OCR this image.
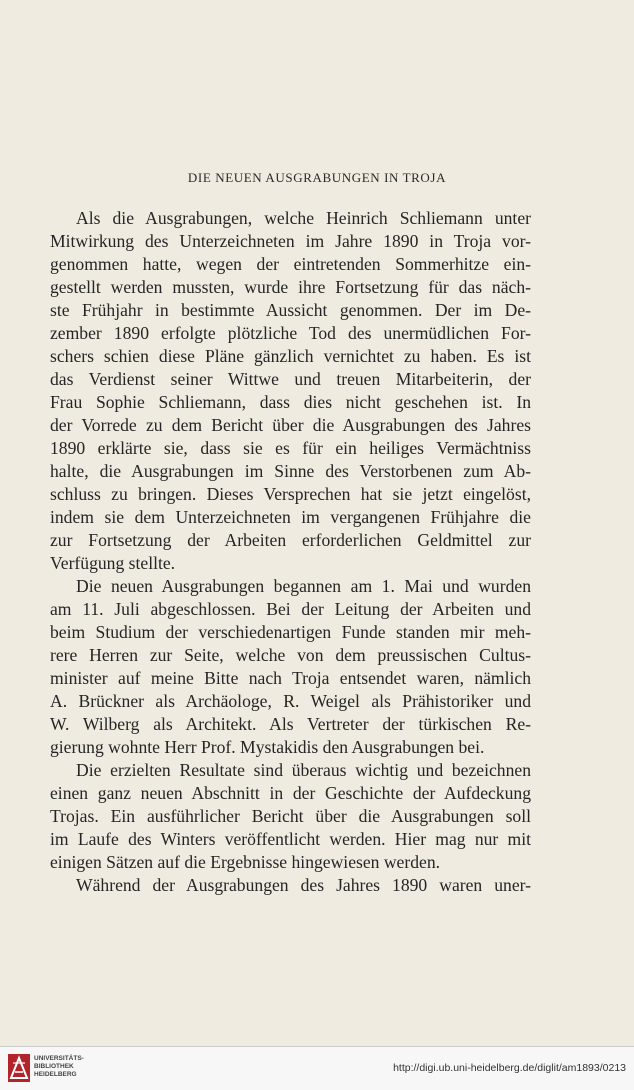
DIE NEUEN AUSGRABUNGEN IN TROJA
Als die Ausgrabungen, welche Heinrich Schliemann unter
Mitwirkung des Unterzeichneten im Jahre 1890 in Troja vor-
genommen hatte, wegen der eintretenden Sommerhitze ein-
gestellt werden mussten, wurde ihre Fortsetzung für das näch-
ste Frühjahr in bestimmte Aussicht genommen. Der im De-
zember 1890 erfolgte plötzliche Tod des unermüdlichen For-
schers schien diese Pläne gänzlich vernichtet zu haben. Es ist
das Verdienst seiner Wittwe und treuen Mitarbeiterin, der
Frau Sophie Schliemann, dass dies nicht geschehen ist. In
der Vorrede zu dem Bericht über die Ausgrabungen des Jahres
1890 erklärte sie, dass sie es für ein heiliges Vermächtniss
halte, die Ausgrabungen im Sinne des Verstorbenen zum Ab-
schluss zu bringen. Dieses Versprechen hat sie jetzt eingelöst,
indem sie dem Unterzeichneten im vergangenen Frühjahre die
zur Fortsetzung der Arbeiten erforderlichen Geldmittel zur
Verfügung stellte.
Die neuen Ausgrabungen begannen am 1. Mai und wurden
am 11. Juli abgeschlossen. Bei der Leitung der Arbeiten und
beim Studium der verschiedenartigen Funde standen mir meh-
rere Herren zur Seite, welche von dem preussischen Cultus-
minister auf meine Bitte nach Troja entsendet waren, nämlich
A. Brückner als Archäologe, R. Weigel als Prähistoriker und
W. Wilberg als Architekt. Als Vertreter der türkischen Re-
gierung wohnte Herr Prof. Mystakidis den Ausgrabungen bei.
Die erzielten Resultate sind überaus wichtig und bezeichnen
einen ganz neuen Abschnitt in der Geschichte der Aufdeckung
Trojas. Ein ausführlicher Bericht über die Ausgrabungen soll
im Laufe des Winters veröffentlicht werden. Hier mag nur mit
einigen Sätzen auf die Ergebnisse hingewiesen werden.
Während der Ausgrabungen des Jahres 1890 waren uner-
UNIVERSITÄTS-
BIBLIOTHEK
HEIDELBERG
http://digi.ub.uni-heidelberg.de/diglit/am1893/0213
